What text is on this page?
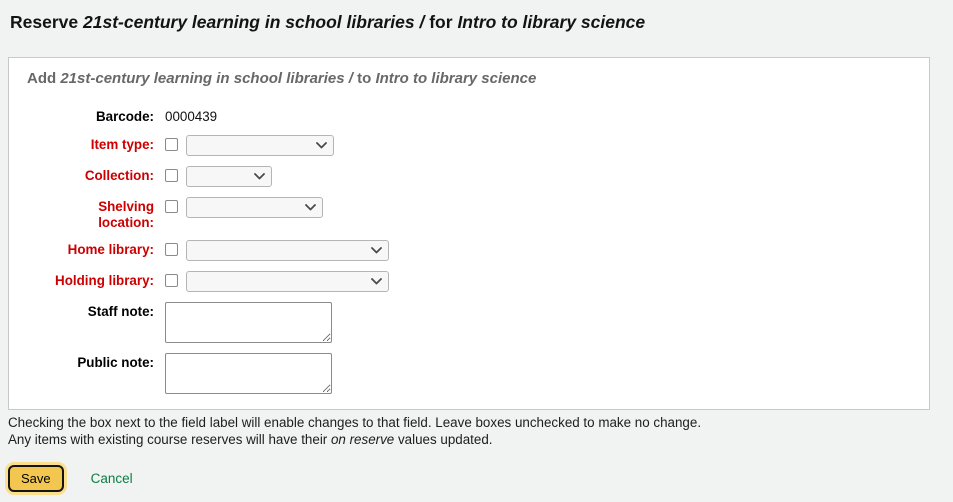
Reserve 21st-century learning in school libraries / for Intro to library science
Add 21st-century learning in school libraries / to Intro to library science
Barcode: 0000439
Item type:
Collection:
Shelving location:
Home library:
Holding library:
Staff note:
Public note:

Checking the box next to the field label will enable changes to that field. Leave boxes unchecked to make no change.

Any items with existing course reserves will have their on reserve values updated.

Save	Cancel
